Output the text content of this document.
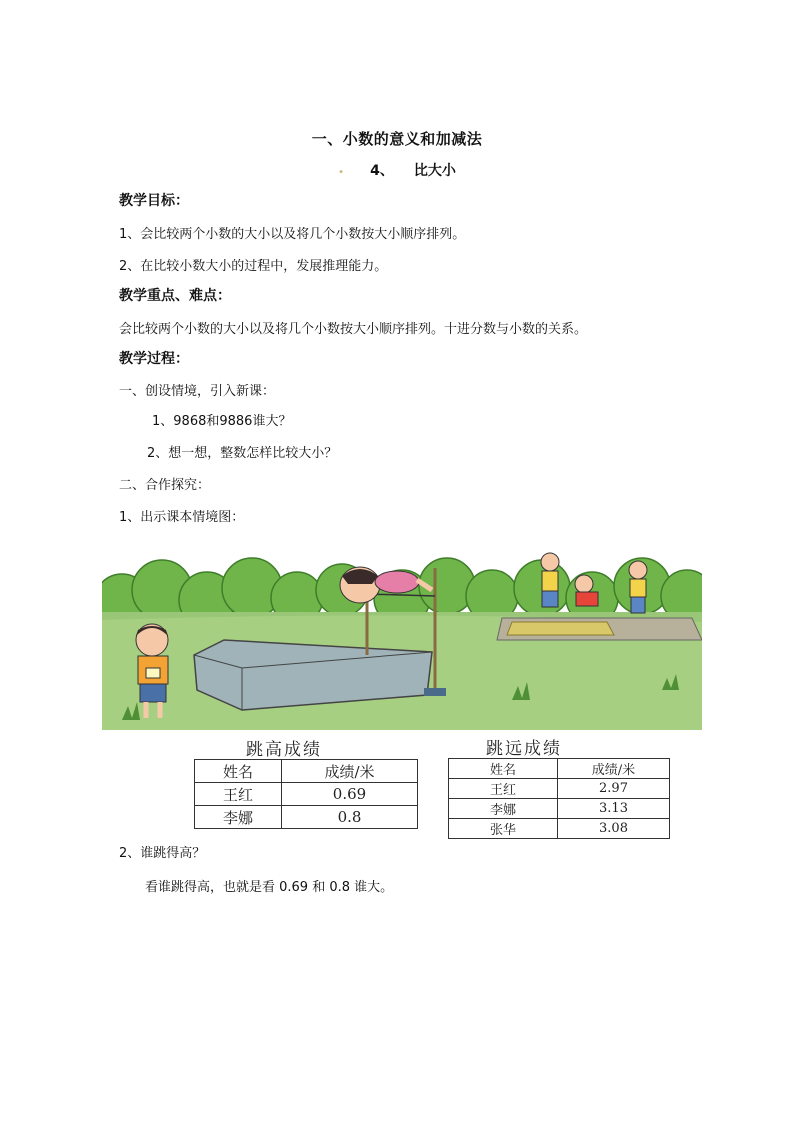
一、小数的意义和加减法
• 4、 比大小
教学目标：
1、会比较两个小数的大小以及将几个小数按大小顺序排列。
2、在比较小数大小的过程中，发展推理能力。
教学重点、难点：
会比较两个小数的大小以及将几个小数按大小顺序排列。十进分数与小数的关系。
教学过程：
一、创设情境，引入新课：
1、9868和9886谁大？
2、想一想，整数怎样比较大小？
二、合作探究：
1、出示课本情境图：
跳高成绩
姓名	成绩/米
王红	0.69
李娜	0.8
跳远成绩
姓名	成绩/米
王红	2.97
李娜	3.13
张华	3.08
2、谁跳得高？
看谁跳得高，也就是看 0.69 和 0.8 谁大。
